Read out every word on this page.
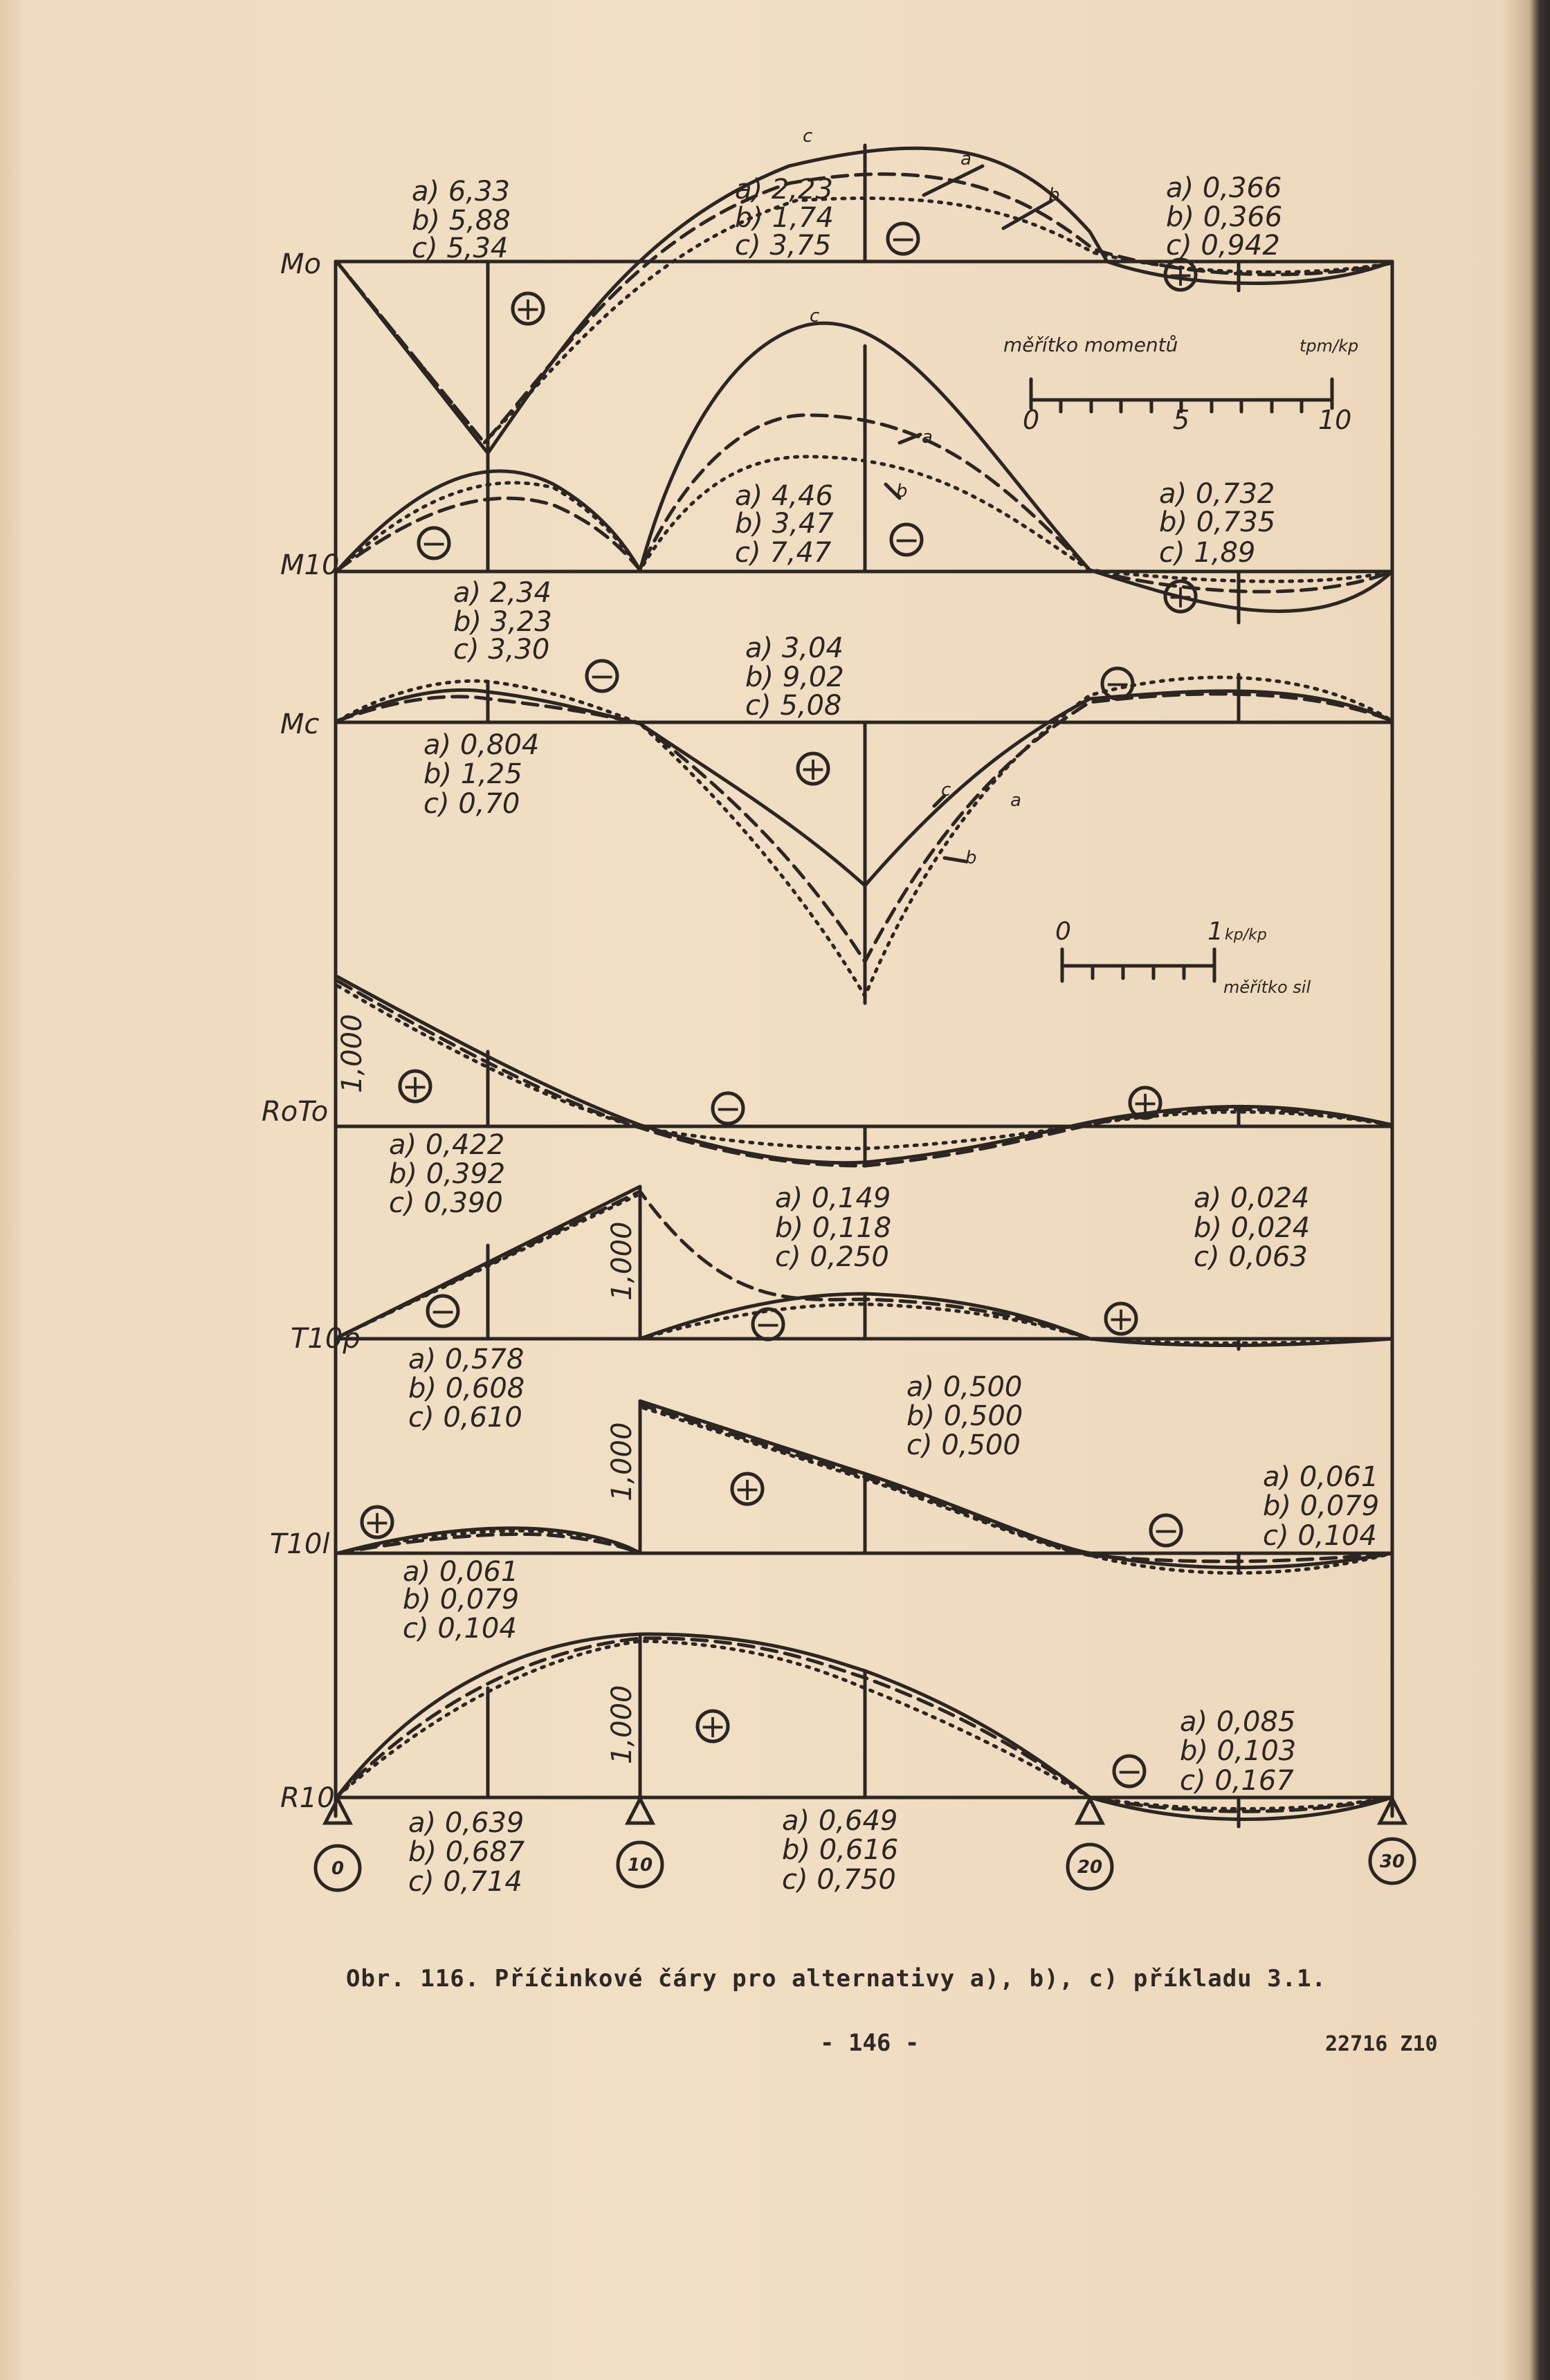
+
−
+
−	−
+
−
+
−
+
−	+
−	−	+
+
+
−
+
−
Mo
M10
Mc
RoTo
T10p
T10l
R10
a) 6,33
b) 5,88
c) 5,34
a) 2,23
b) 1,74
c) 3,75
a) 0,366
b) 0,366
c) 0,942
a) 2,34
b) 3,23
c) 3,30
a) 4,46
b) 3,47
c) 7,47
a) 0,732
b) 0,735
c) 1,89
a) 0,804
b) 1,25
c) 0,70
a) 3,04
b) 9,02
c) 5,08
a) 0,422
b) 0,392
c) 0,390	a) 0,149
b) 0,118
c) 0,250
a) 0,024
b) 0,024
c) 0,063
a) 0,578
b) 0,608
c) 0,610
a) 0,500
b) 0,500
c) 0,500
a) 0,061
b) 0,079
c) 0,104
a) 0,061
b) 0,079
c) 0,104
a) 0,639
b) 0,687
c) 0,714
a) 0,649
b) 0,616
c) 0,750
a) 0,085
b) 0,103
c) 0,167
1,000
1,000
1,000
1,000
c
a
b
c
a
b
c	a
b
0	10	20	30
měřítko momentů	tpm/kp
0	5	10
0	1 kp/kp
měřítko sil
Obr. 116. Příčinkové čáry pro alternativy a), b), c) příkladu 3.1.
- 146 -	22716 Z10
